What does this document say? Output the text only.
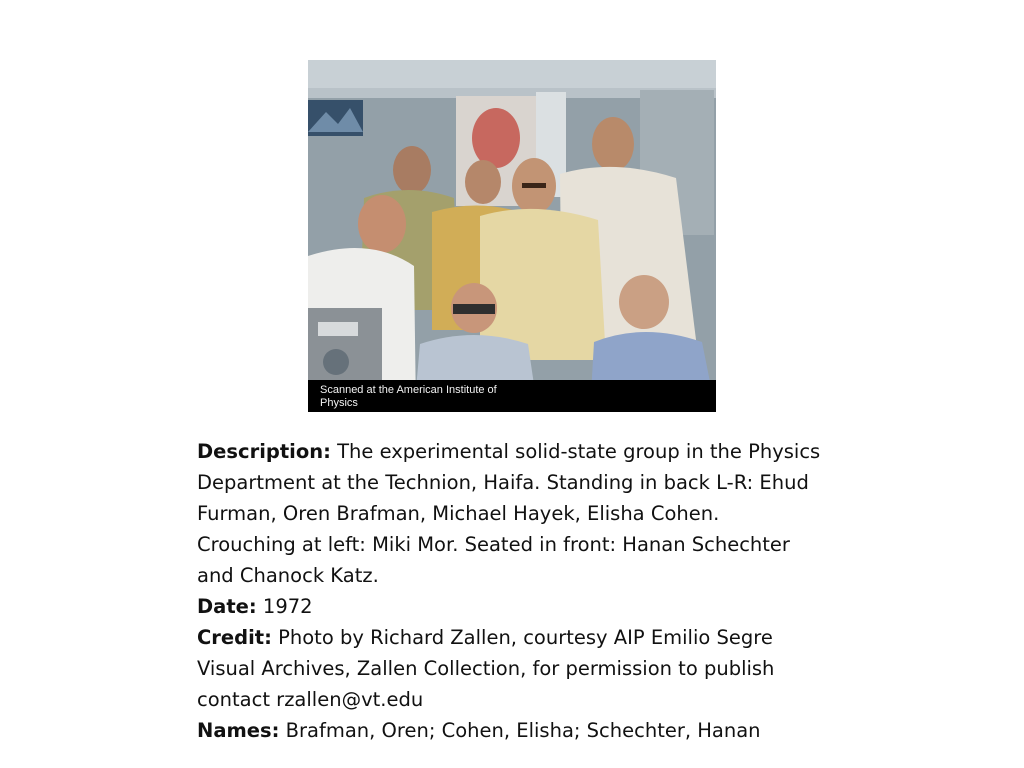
Scanned at the American Institute of Physics

Description: The experimental solid-state group in the Physics Department at the Technion, Haifa. Standing in back L-R: Ehud Furman, Oren Brafman, Michael Hayek, Elisha Cohen. Crouching at left: Miki Mor. Seated in front: Hanan Schechter and Chanock Katz.

Date: 1972

Credit: Photo by Richard Zallen, courtesy AIP Emilio Segre Visual Archives, Zallen Collection, for permission to publish contact rzallen@vt.edu

Names: Brafman, Oren; Cohen, Elisha; Schechter, Hanan
